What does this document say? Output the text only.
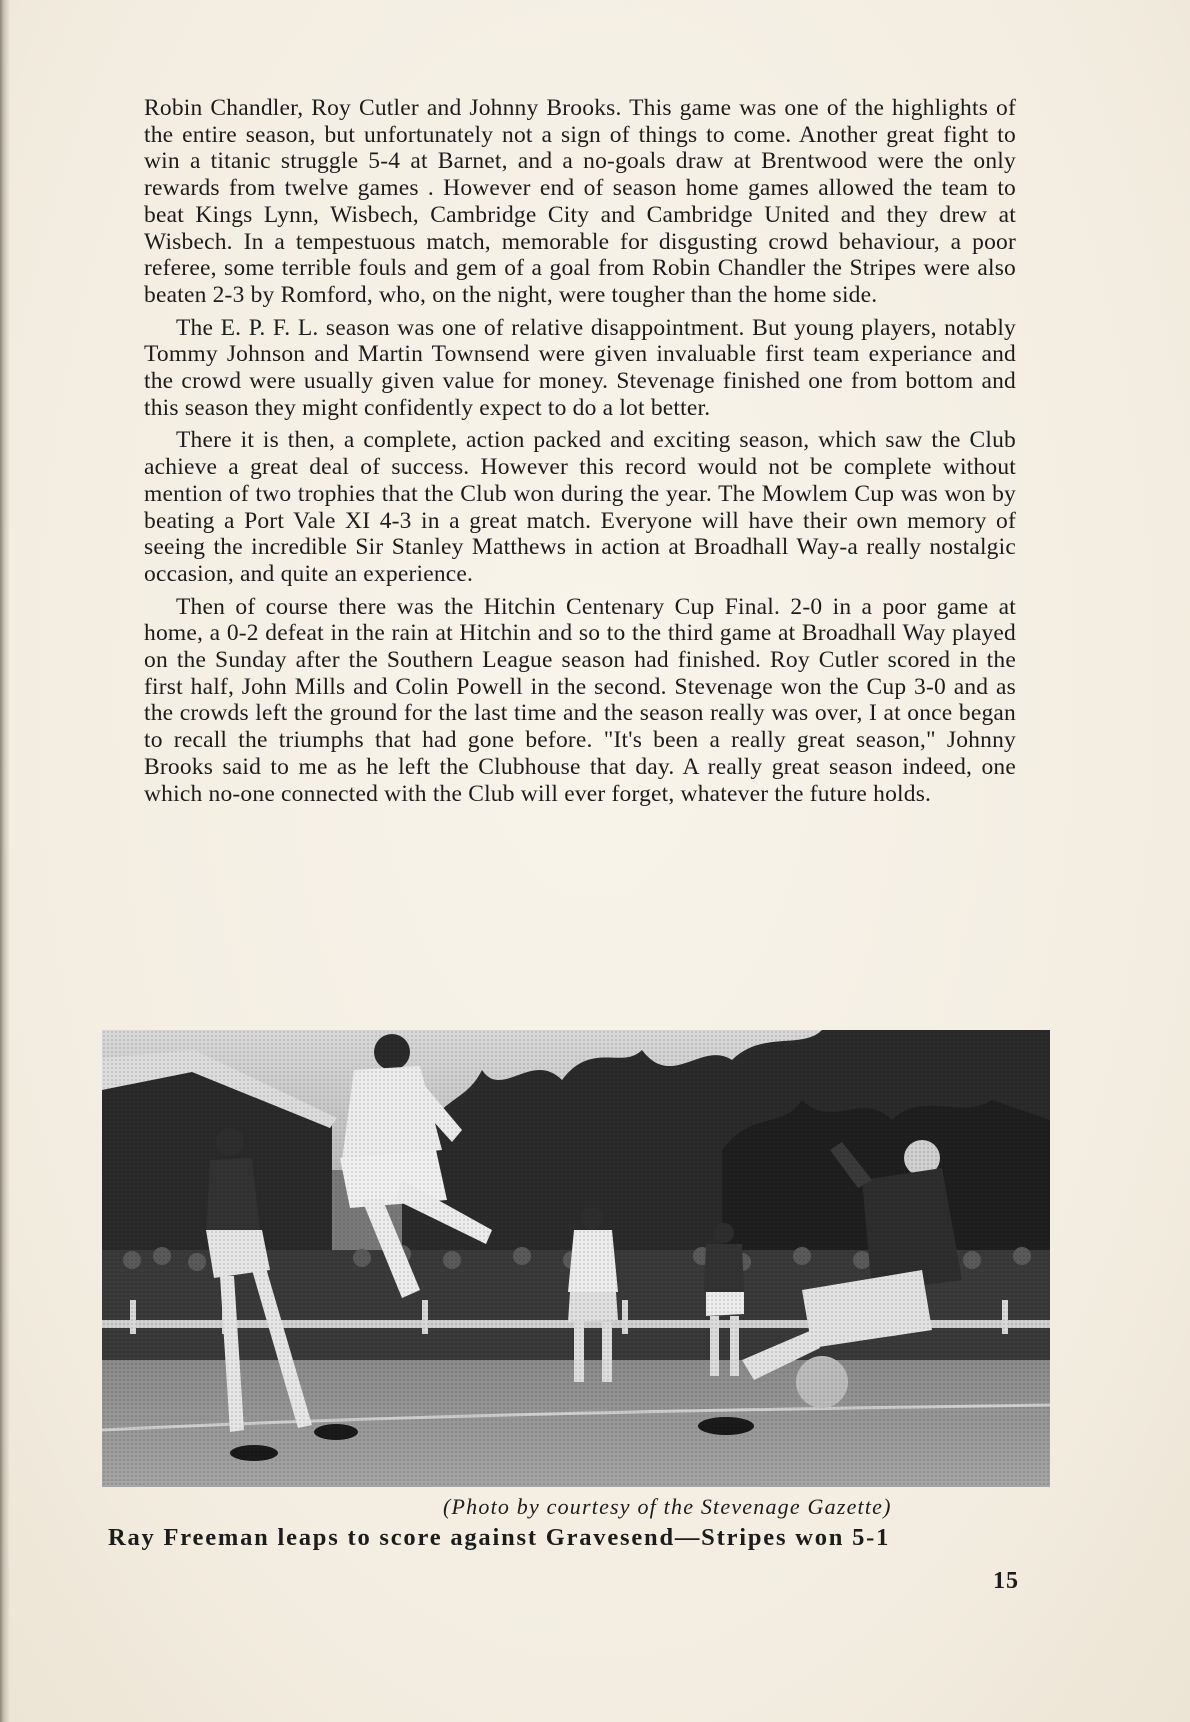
Robin Chandler, Roy Cutler and Johnny Brooks. This game was one of the highlights of the entire season, but unfortunately not a sign of things to come. Another great fight to win a titanic struggle 5-4 at Barnet, and a no-goals draw at Brentwood were the only rewards from twelve games . However end of season home games allowed the team to beat Kings Lynn, Wisbech, Cambridge City and Cambridge United and they drew at Wisbech. In a tempestuous match, memorable for disgusting crowd behaviour, a poor referee, some terrible fouls and gem of a goal from Robin Chandler the Stripes were also beaten 2-3 by Romford, who, on the night, were tougher than the home side.

The E. P. F. L. season was one of relative disappointment. But young players, notably Tommy Johnson and Martin Townsend were given invaluable first team experiance and the crowd were usually given value for money. Stevenage finished one from bottom and this season they might confidently expect to do a lot better.

There it is then, a complete, action packed and exciting season, which saw the Club achieve a great deal of success. However this record would not be complete without mention of two trophies that the Club won during the year. The Mowlem Cup was won by beating a Port Vale XI 4-3 in a great match. Everyone will have their own memory of seeing the incredible Sir Stanley Matthews in action at Broadhall Way-a really nostalgic occasion, and quite an experience.

Then of course there was the Hitchin Centenary Cup Final. 2-0 in a poor game at home, a 0-2 defeat in the rain at Hitchin and so to the third game at Broadhall Way played on the Sunday after the Southern League season had finished. Roy Cutler scored in the first half, John Mills and Colin Powell in the second. Stevenage won the Cup 3-0 and as the crowds left the ground for the last time and the season really was over, I at once began to recall the triumphs that had gone before. "It's been a really great season," Johnny Brooks said to me as he left the Clubhouse that day. A really great season indeed, one which no-one connected with the Club will ever forget, whatever the future holds.

(Photo by courtesy of the Stevenage Gazette)
Ray Freeman leaps to score against Gravesend—Stripes won 5-1
15
